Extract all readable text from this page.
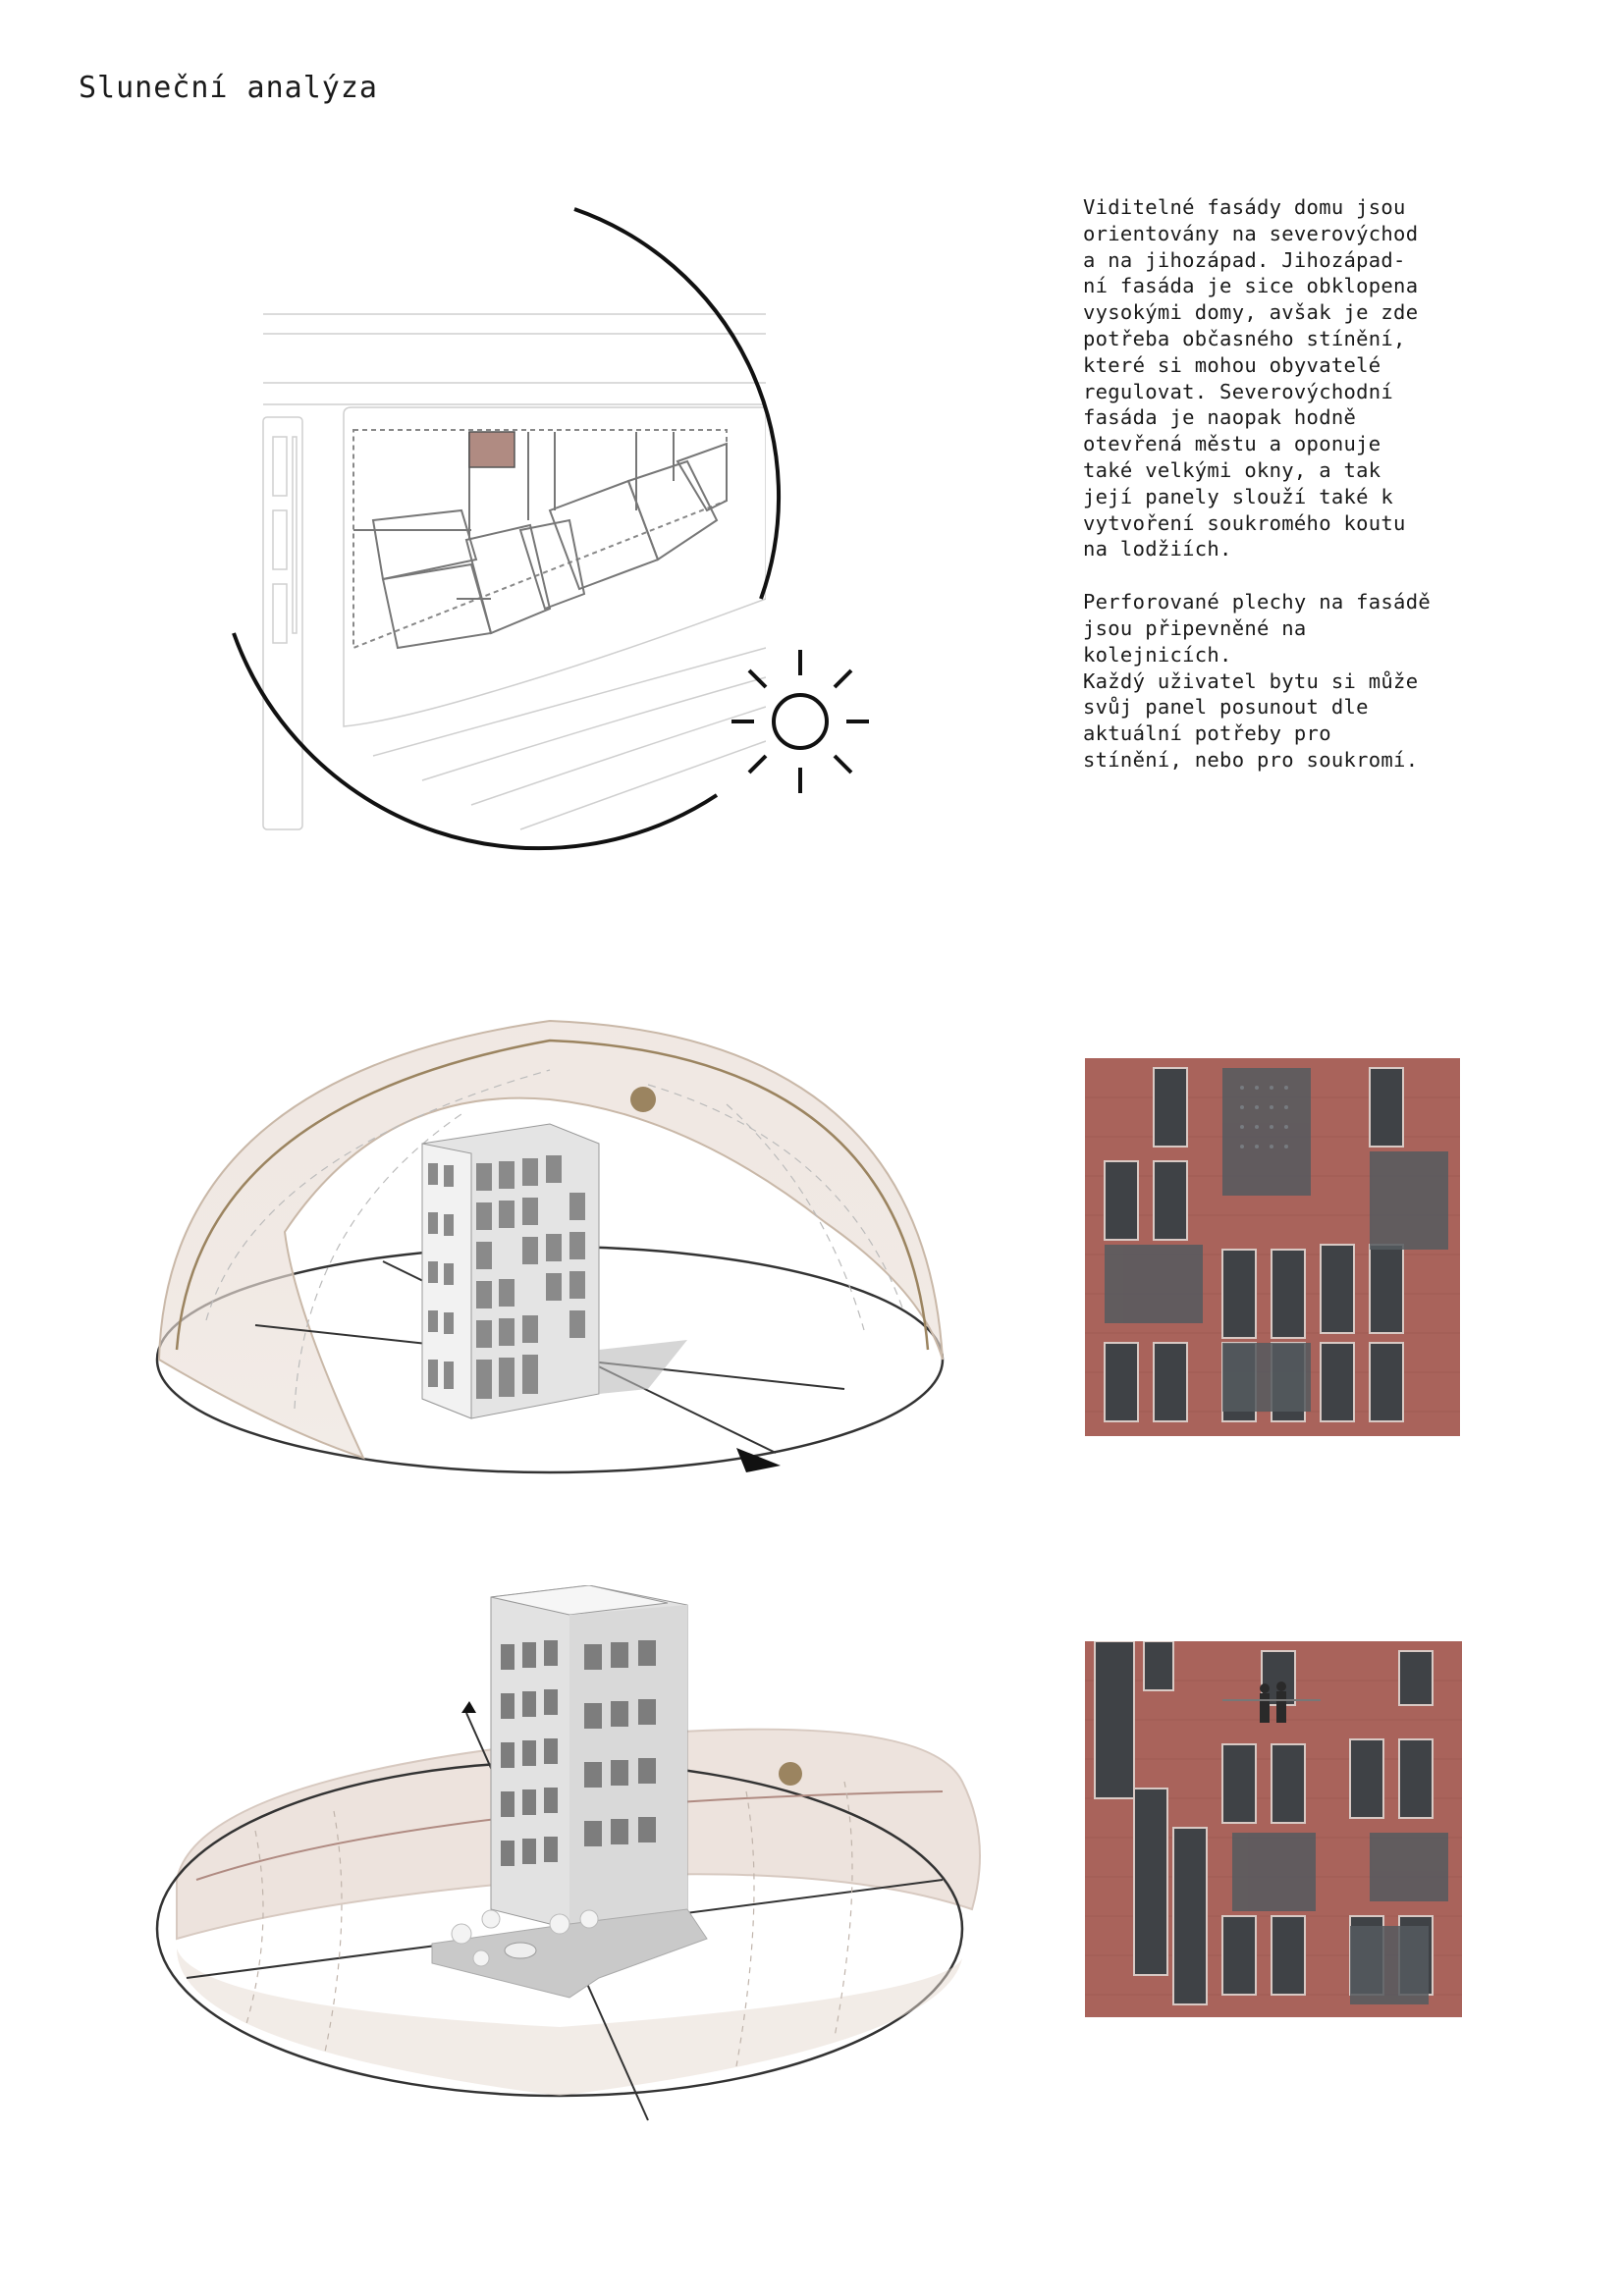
Sluneční analýza

Viditelné fasády domu jsou
orientovány na severovýchod
a na jihozápad. Jihozápad-
ní fasáda je sice obklopena
vysokými domy, avšak je zde
potřeba občasného stínění,
které si mohou obyvatelé
regulovat. Severovýchodní
fasáda je naopak hodně
otevřená městu a oponuje
také velkými okny, a tak
její panely slouží také k
vytvoření soukromého koutu
na lodžiích.

Perforované plechy na fasádě
jsou připevněné na
kolejnicích.
Každý uživatel bytu si může
svůj panel posunout dle
aktuální potřeby pro
stínění, nebo pro soukromí.
